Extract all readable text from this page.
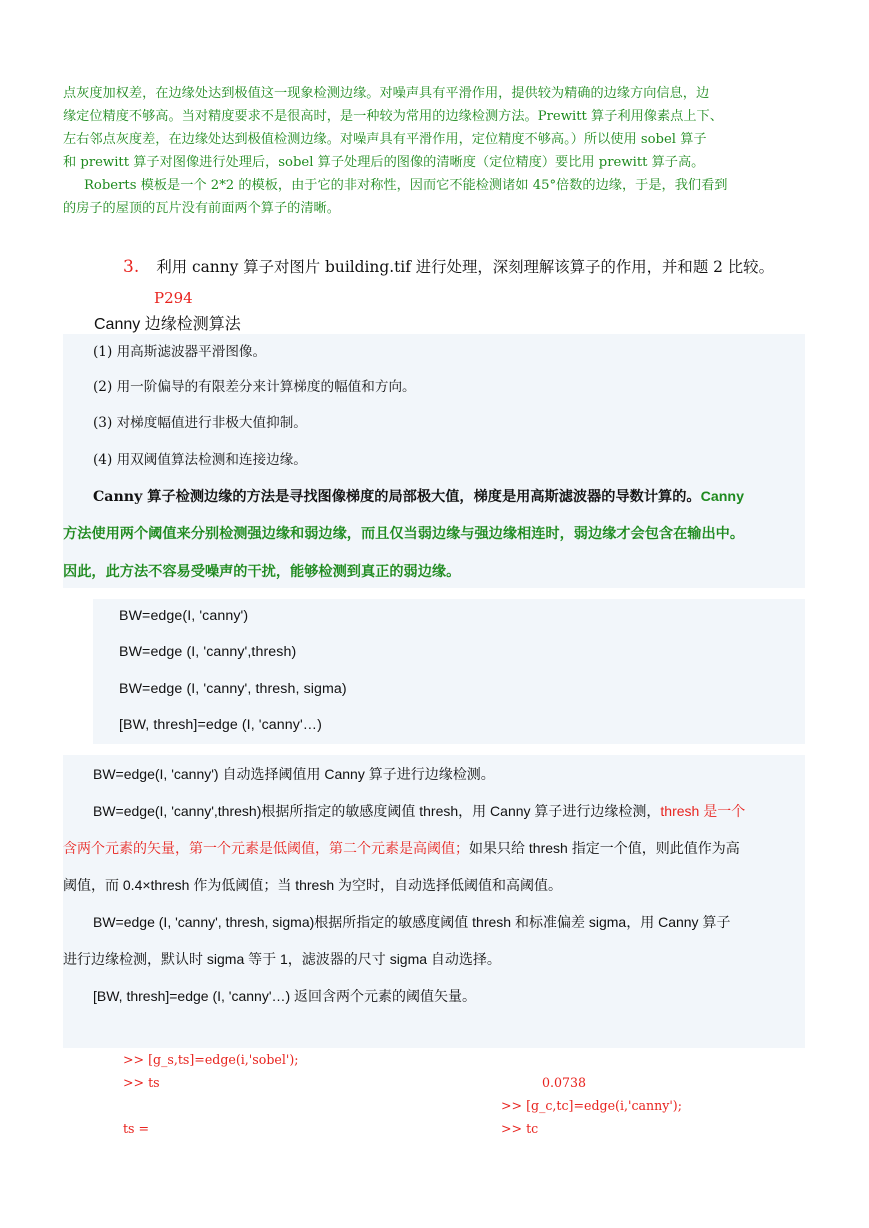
点灰度加权差，在边缘处达到极值这一现象检测边缘。对噪声具有平滑作用，提供较为精确的边缘方向信息，边

缘定位精度不够高。当对精度要求不是很高时，是一种较为常用的边缘检测方法。Prewitt 算子利用像素点上下、

左右邻点灰度差，在边缘处达到极值检测边缘。对噪声具有平滑作用，定位精度不够高。）所以使用 sobel 算子

和 prewitt 算子对图像进行处理后，sobel 算子处理后的图像的清晰度（定位精度）要比用 prewitt 算子高。

Roberts 模板是一个 2*2 的模板，由于它的非对称性，因而它不能检测诸如 45°倍数的边缘，于是，我们看到

的房子的屋顶的瓦片没有前面两个算子的清晰。

3. 利用 canny 算子对图片 building.tif 进行处理，深刻理解该算子的作用，并和题 2 比较。
P294
Canny 边缘检测算法
(1) 用高斯滤波器平滑图像。
(2) 用一阶偏导的有限差分来计算梯度的幅值和方向。
(3) 对梯度幅值进行非极大值抑制。
(4) 用双阈值算法检测和连接边缘。
Canny 算子检测边缘的方法是寻找图像梯度的局部极大值，梯度是用高斯滤波器的导数计算的。Canny
方法使用两个阈值来分别检测强边缘和弱边缘，而且仅当弱边缘与强边缘相连时，弱边缘才会包含在输出中。
因此，此方法不容易受噪声的干扰，能够检测到真正的弱边缘。
BW=edge(I, 'canny')
BW=edge (I, 'canny',thresh)
BW=edge (I, 'canny', thresh, sigma)
[BW, thresh]=edge (I, 'canny'…)

BW=edge(I, 'canny') 自动选择阈值用 Canny 算子进行边缘检测。

BW=edge(I, 'canny',thresh)根据所指定的敏感度阈值 thresh，用 Canny 算子进行边缘检测，thresh 是一个

含两个元素的矢量，第一个元素是低阈值，第二个元素是高阈值；如果只给 thresh 指定一个值，则此值作为高

阈值，而 0.4×thresh 作为低阈值；当 thresh 为空时，自动选择低阈值和高阈值。

BW=edge (I, 'canny', thresh, sigma)根据所指定的敏感度阈值 thresh 和标准偏差 sigma，用 Canny 算子

进行边缘检测，默认时 sigma 等于 1，滤波器的尺寸 sigma 自动选择。

[BW, thresh]=edge (I, 'canny'…) 返回含两个元素的阈值矢量。

>> [g_s,ts]=edge(i,'sobel');
>> ts
ts =
0.0738
>> [g_c,tc]=edge(i,'canny');
>> tc
